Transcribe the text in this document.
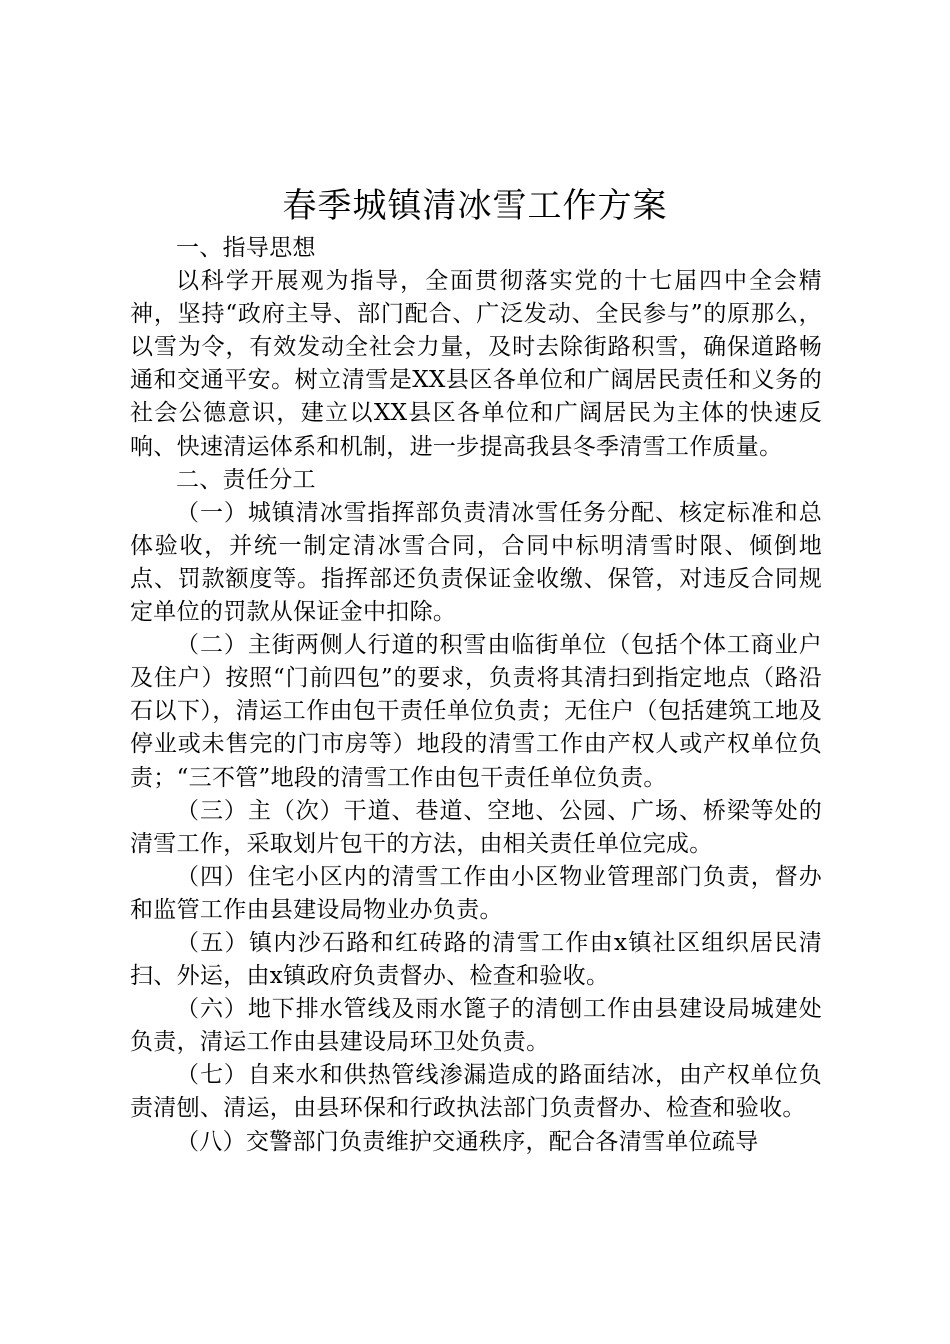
春季城镇清冰雪工作方案

一、指导思想

以科学开展观为指导，全面贯彻落实党的十七届四中全会精神，坚持“政府主导、部门配合、广泛发动、全民参与”的原那么，以雪为令，有效发动全社会力量，及时去除街路积雪，确保道路畅通和交通平安。树立清雪是XX县区各单位和广阔居民责任和义务的社会公德意识，建立以XX县区各单位和广阔居民为主体的快速反响、快速清运体系和机制，进一步提高我县冬季清雪工作质量。

二、责任分工

（一）城镇清冰雪指挥部负责清冰雪任务分配、核定标准和总体验收，并统一制定清冰雪合同，合同中标明清雪时限、倾倒地点、罚款额度等。指挥部还负责保证金收缴、保管，对违反合同规定单位的罚款从保证金中扣除。

（二）主街两侧人行道的积雪由临街单位（包括个体工商业户及住户）按照“门前四包”的要求，负责将其清扫到指定地点（路沿石以下），清运工作由包干责任单位负责；无住户（包括建筑工地及停业或未售完的门市房等）地段的清雪工作由产权人或产权单位负责；“三不管”地段的清雪工作由包干责任单位负责。

（三）主（次）干道、巷道、空地、公园、广场、桥梁等处的清雪工作，采取划片包干的方法，由相关责任单位完成。

（四）住宅小区内的清雪工作由小区物业管理部门负责，督办和监管工作由县建设局物业办负责。

（五）镇内沙石路和红砖路的清雪工作由x镇社区组织居民清扫、外运，由x镇政府负责督办、检查和验收。

（六）地下排水管线及雨水篦子的清刨工作由县建设局城建处负责，清运工作由县建设局环卫处负责。

（七）自来水和供热管线渗漏造成的路面结冰，由产权单位负责清刨、清运，由县环保和行政执法部门负责督办、检查和验收。

（八）交警部门负责维护交通秩序，配合各清雪单位疏导
